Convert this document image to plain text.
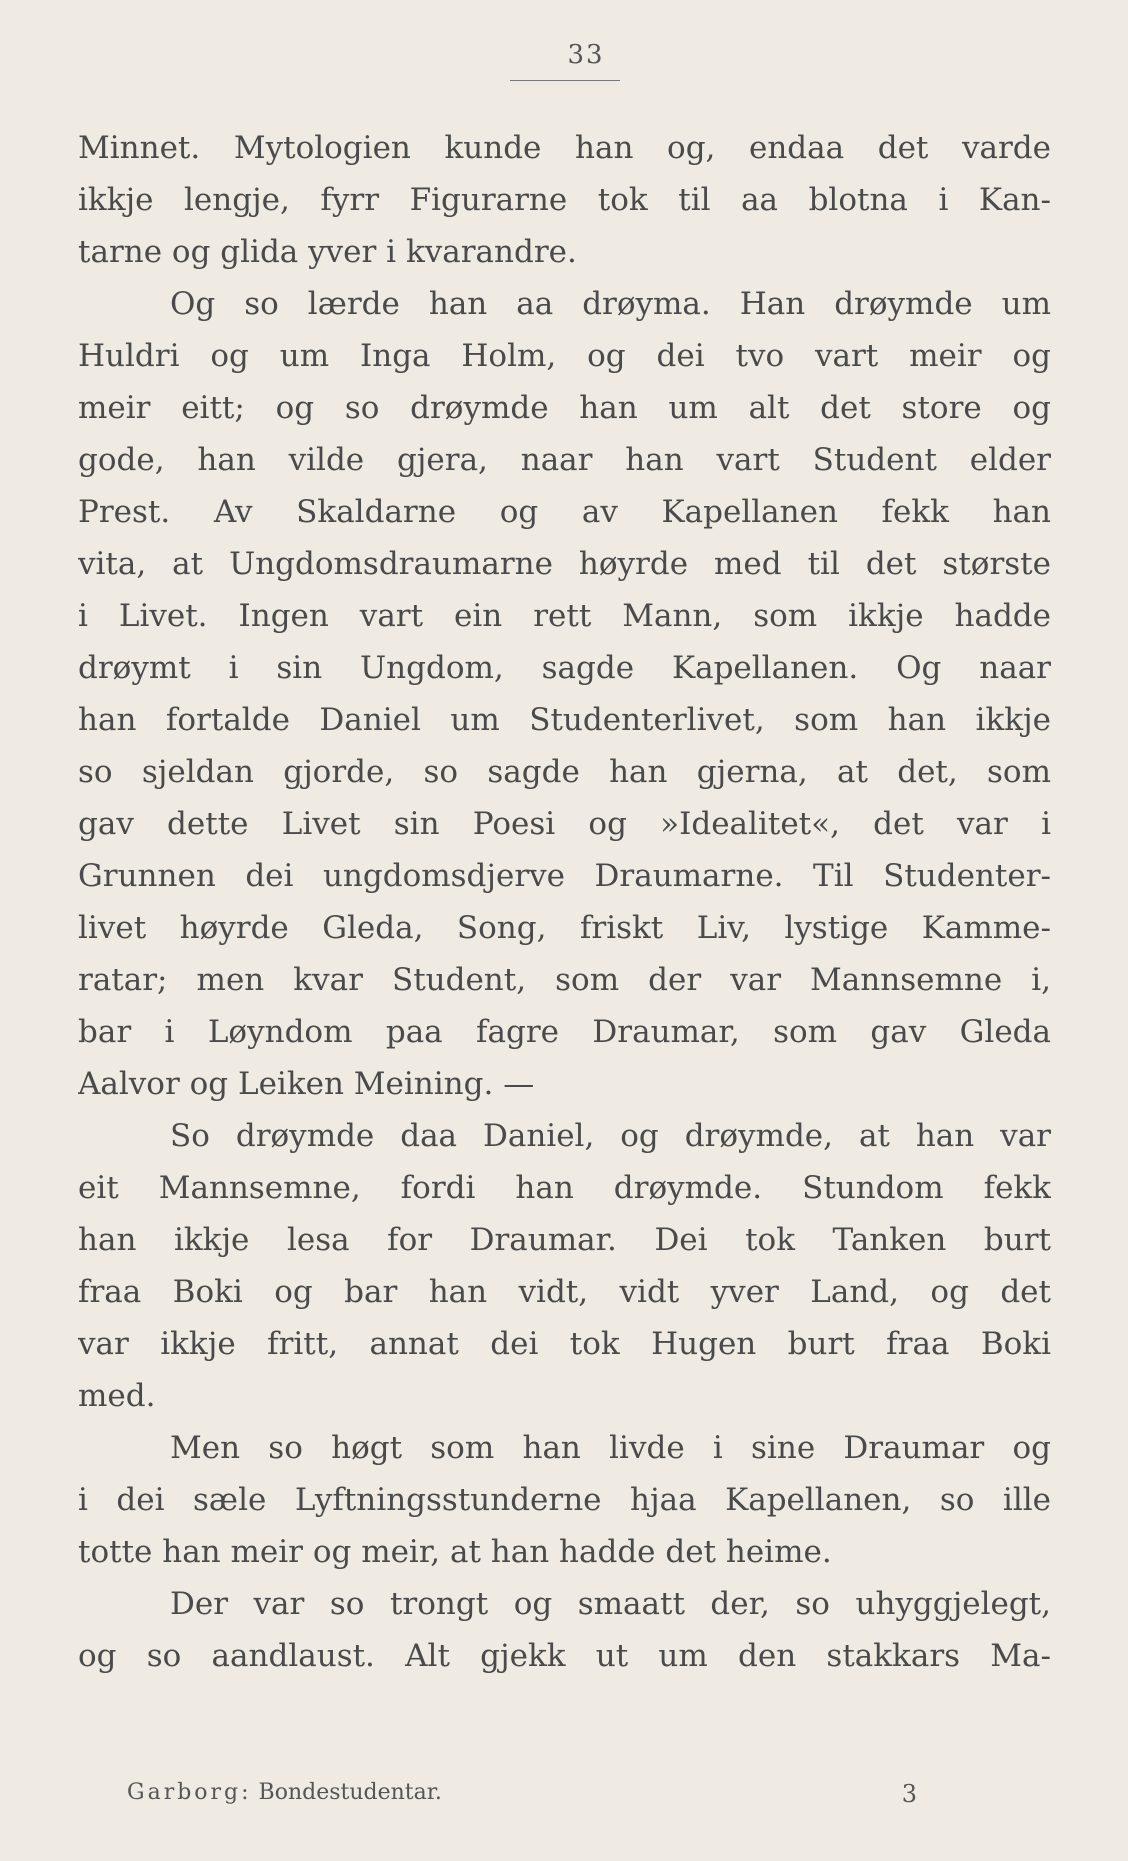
33
Minnet. Mytologien kunde han og, endaa det varde
ikkje lengje, fyrr Figurarne tok til aa blotna i Kan-
tarne og glida yver i kvarandre.
Og so lærde han aa drøyma. Han drøymde um
Huldri og um Inga Holm, og dei tvo vart meir og
meir eitt; og so drøymde han um alt det store og
gode, han vilde gjera, naar han vart Student elder
Prest. Av Skaldarne og av Kapellanen fekk han
vita, at Ungdomsdraumarne høyrde med til det største
i Livet. Ingen vart ein rett Mann, som ikkje hadde
drøymt i sin Ungdom, sagde Kapellanen. Og naar
han fortalde Daniel um Studenterlivet, som han ikkje
so sjeldan gjorde, so sagde han gjerna, at det, som
gav dette Livet sin Poesi og »Idealitet«, det var i
Grunnen dei ungdomsdjerve Draumarne. Til Studenter-
livet høyrde Gleda, Song, friskt Liv, lystige Kamme-
ratar; men kvar Student, som der var Mannsemne i,
bar i Løyndom paa fagre Draumar, som gav Gleda
Aalvor og Leiken Meining. —
So drøymde daa Daniel, og drøymde, at han var
eit Mannsemne, fordi han drøymde. Stundom fekk
han ikkje lesa for Draumar. Dei tok Tanken burt
fraa Boki og bar han vidt, vidt yver Land, og det
var ikkje fritt, annat dei tok Hugen burt fraa Boki
med.
Men so høgt som han livde i sine Draumar og
i dei sæle Lyftningsstunderne hjaa Kapellanen, so ille
totte han meir og meir, at han hadde det heime.
Der var so trongt og smaatt der, so uhyggjelegt,
og so aandlaust. Alt gjekk ut um den stakkars Ma-
Garborg: Bondestudentar.	3
